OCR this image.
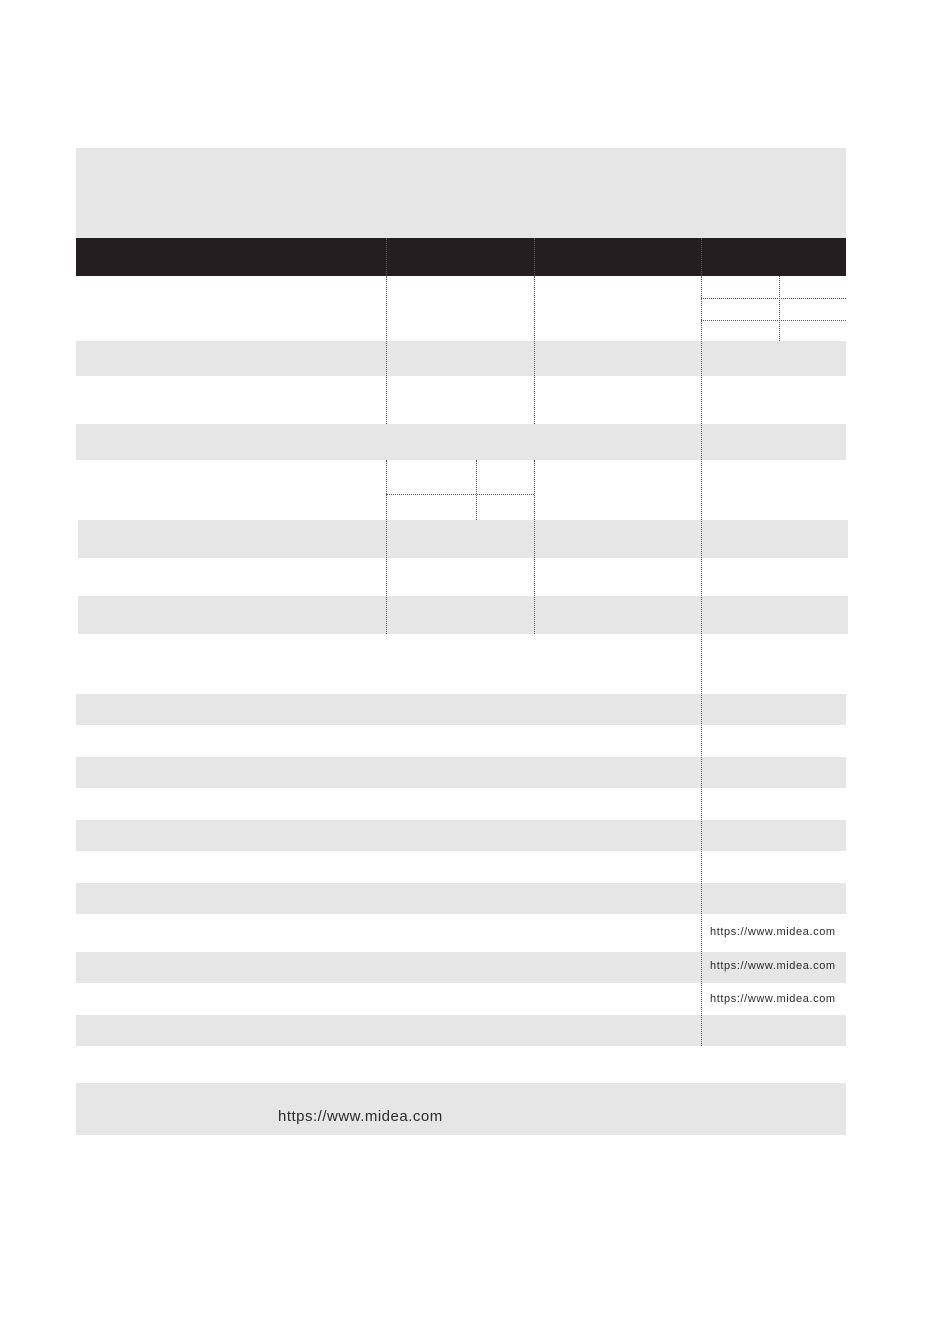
https://www.midea.com
https://www.midea.com
https://www.midea.com
https://www.midea.com
